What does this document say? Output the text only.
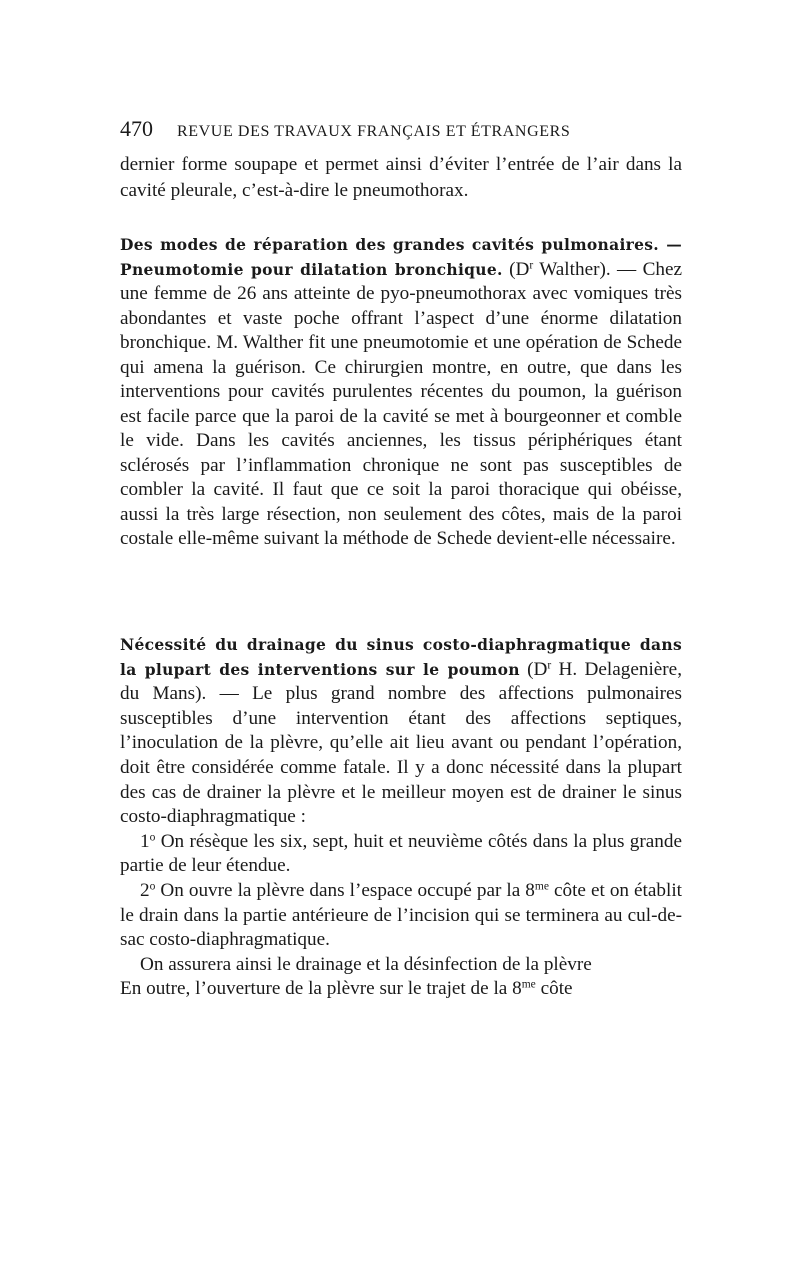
470 REVUE DES TRAVAUX FRANÇAIS ET ÉTRANGERS

dernier forme soupape et permet ainsi d’éviter l’entrée de l’air dans la cavité pleurale, c’est-à-dire le pneumothorax.

Des modes de réparation des grandes cavités pulmonaires. — Pneumotomie pour dilatation bronchique. ($D^r$ Walther). — Chez une femme de 26 ans atteinte de pyo-pneumothorax avec vomiques très abondantes et vaste poche offrant l’aspect d’une énorme dilatation bronchique. M. Walther fit une pneumotomie et une opération de Schede qui amena la guérison. Ce chirurgien montre, en outre, que dans les interventions pour cavités purulentes récentes du poumon, la guérison est facile parce que la paroi de la cavité se met à bourgeonner et comble le vide. Dans les cavités anciennes, les tissus périphériques étant sclérosés par l’inflammation chronique ne sont pas susceptibles de combler la cavité. Il faut que ce soit la paroi thoracique qui obéisse, aussi la très large résection, non seulement des côtes, mais de la paroi costale elle-même suivant la méthode de Schede devient-elle nécessaire.

Nécessité du drainage du sinus costo-diaphragmatique dans la plupart des interventions sur le poumon ($D^r$ H. Delagenière, du Mans). — Le plus grand nombre des affections pulmonaires susceptibles d’une intervention étant des affections septiques, l’inoculation de la plèvre, qu’elle ait lieu avant ou pendant l’opération, doit être considérée comme fatale. Il y a donc nécessité dans la plupart des cas de drainer la plèvre et le meilleur moyen est de drainer le sinus costo-diaphragmatique :

1$^o$ On résèque les six, sept, huit et neuvième côtés dans la plus grande partie de leur étendue.

2$^o$ On ouvre la plèvre dans l’espace occupé par la $8^{me}$ côte et on établit le drain dans la partie antérieure de l’incision qui se terminera au cul-de-sac costo-diaphragmatique.

On assurera ainsi le drainage et la désinfection de la plèvre

En outre, l’ouverture de la plèvre sur le trajet de la $8^{me}$ côte
